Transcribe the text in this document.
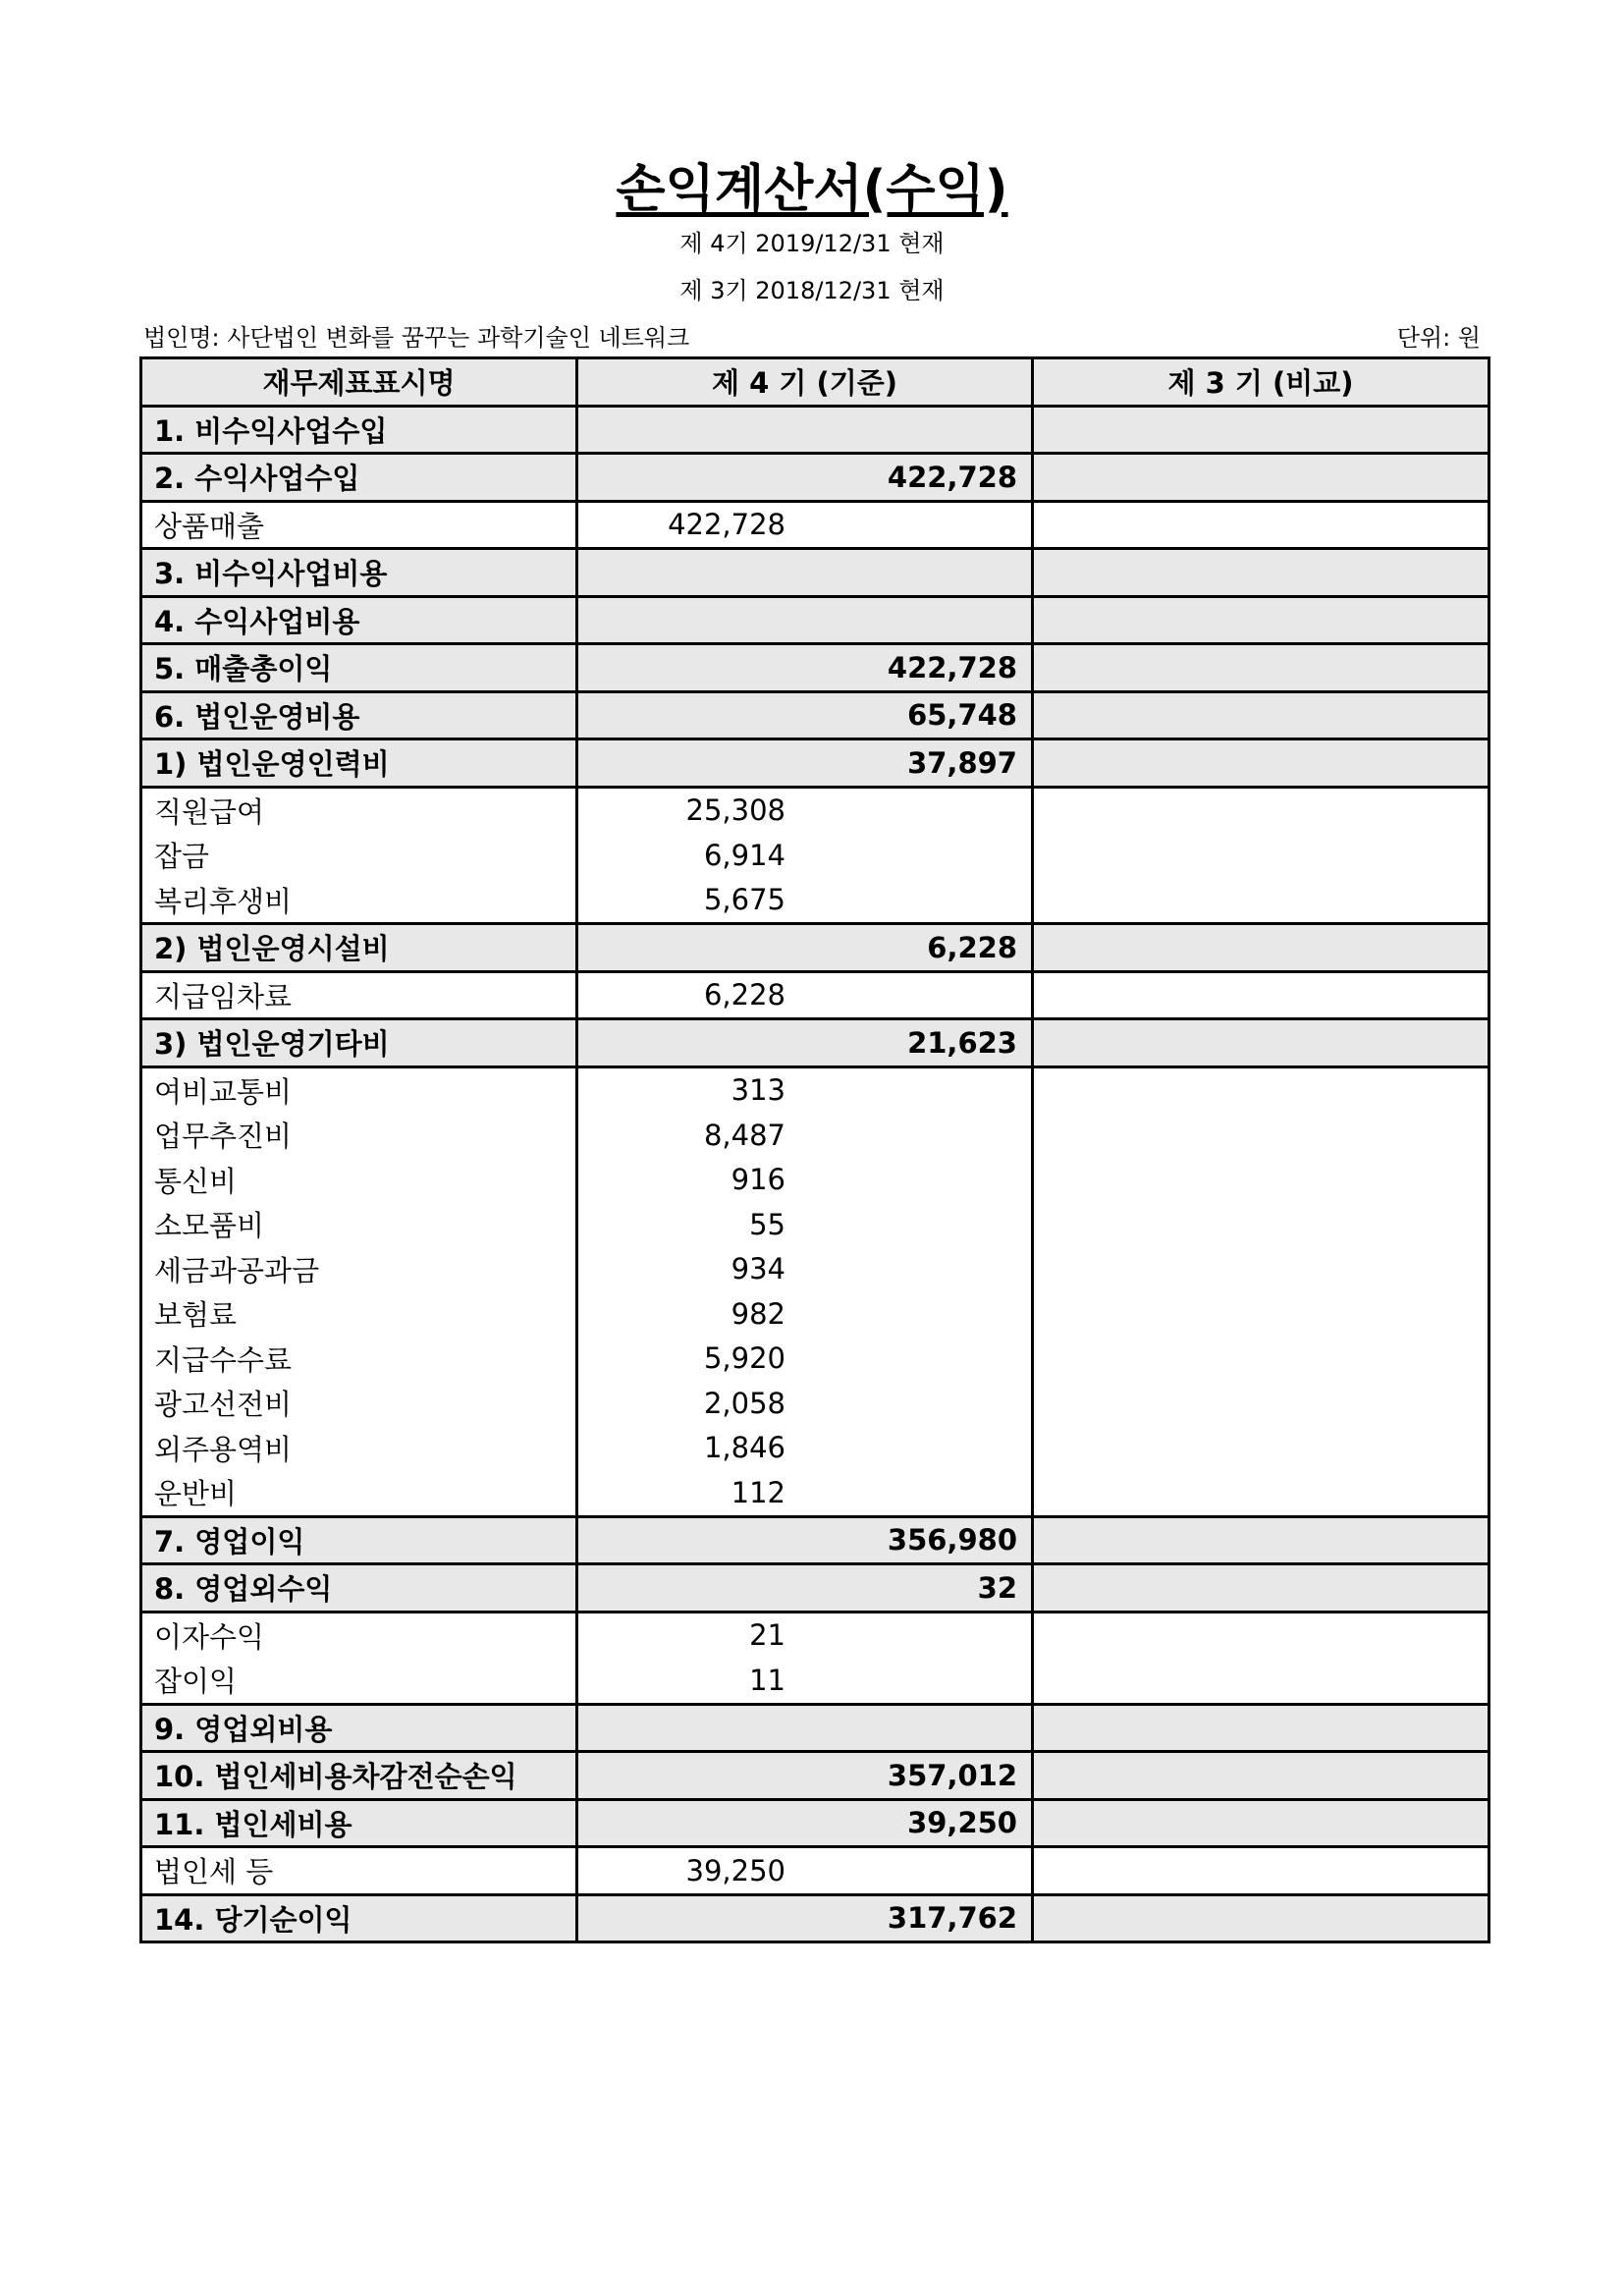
손익계산서(수익)
제 4기 2019/12/31 현재
제 3기 2018/12/31 현재
법인명: 사단법인 변화를 꿈꾸는 과학기술인 네트워크	단위: 원
재무제표표시명	제 4 기 (기준)	제 3 기 (비교)
1. 비수익사업수입		
2. 수익사업수입	422,728	
상품매출	422,728	
3. 비수익사업비용		
4. 수익사업비용		
5. 매출총이익	422,728	
6. 법인운영비용	65,748	
1) 법인운영인력비	37,897	
직원급여	25,308	
잡금	6,914	
복리후생비	5,675	
2) 법인운영시설비	6,228	
지급임차료	6,228	
3) 법인운영기타비	21,623	
여비교통비	313	
업무추진비	8,487	
통신비	916	
소모품비	55	
세금과공과금	934	
보험료	982	
지급수수료	5,920	
광고선전비	2,058	
외주용역비	1,846	
운반비	112	
7. 영업이익	356,980	
8. 영업외수익	32	
이자수익	21	
잡이익	11	
9. 영업외비용		
10. 법인세비용차감전순손익	357,012	
11. 법인세비용	39,250	
법인세 등	39,250	
14. 당기순이익	317,762	
